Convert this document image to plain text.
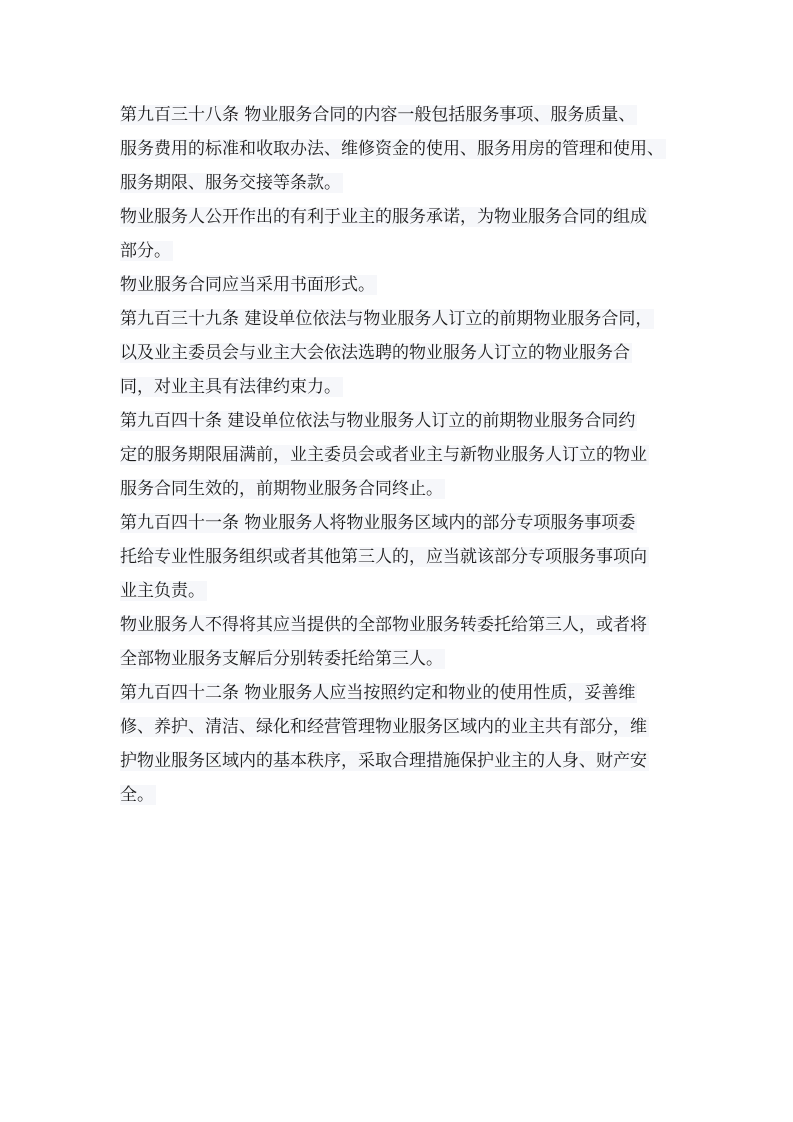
第九百三十八条 物业服务合同的内容一般包括服务事项、服务质量、
服务费用的标准和收取办法、维修资金的使用、服务用房的管理和使用、
服务期限、服务交接等条款。
物业服务人公开作出的有利于业主的服务承诺，为物业服务合同的组成
部分。
物业服务合同应当采用书面形式。
第九百三十九条 建设单位依法与物业服务人订立的前期物业服务合同，
以及业主委员会与业主大会依法选聘的物业服务人订立的物业服务合
同，对业主具有法律约束力。
第九百四十条 建设单位依法与物业服务人订立的前期物业服务合同约
定的服务期限届满前，业主委员会或者业主与新物业服务人订立的物业
服务合同生效的，前期物业服务合同终止。
第九百四十一条 物业服务人将物业服务区域内的部分专项服务事项委
托给专业性服务组织或者其他第三人的，应当就该部分专项服务事项向
业主负责。
物业服务人不得将其应当提供的全部物业服务转委托给第三人，或者将
全部物业服务支解后分别转委托给第三人。
第九百四十二条 物业服务人应当按照约定和物业的使用性质，妥善维
修、养护、清洁、绿化和经营管理物业服务区域内的业主共有部分，维
护物业服务区域内的基本秩序，采取合理措施保护业主的人身、财产安
全。
